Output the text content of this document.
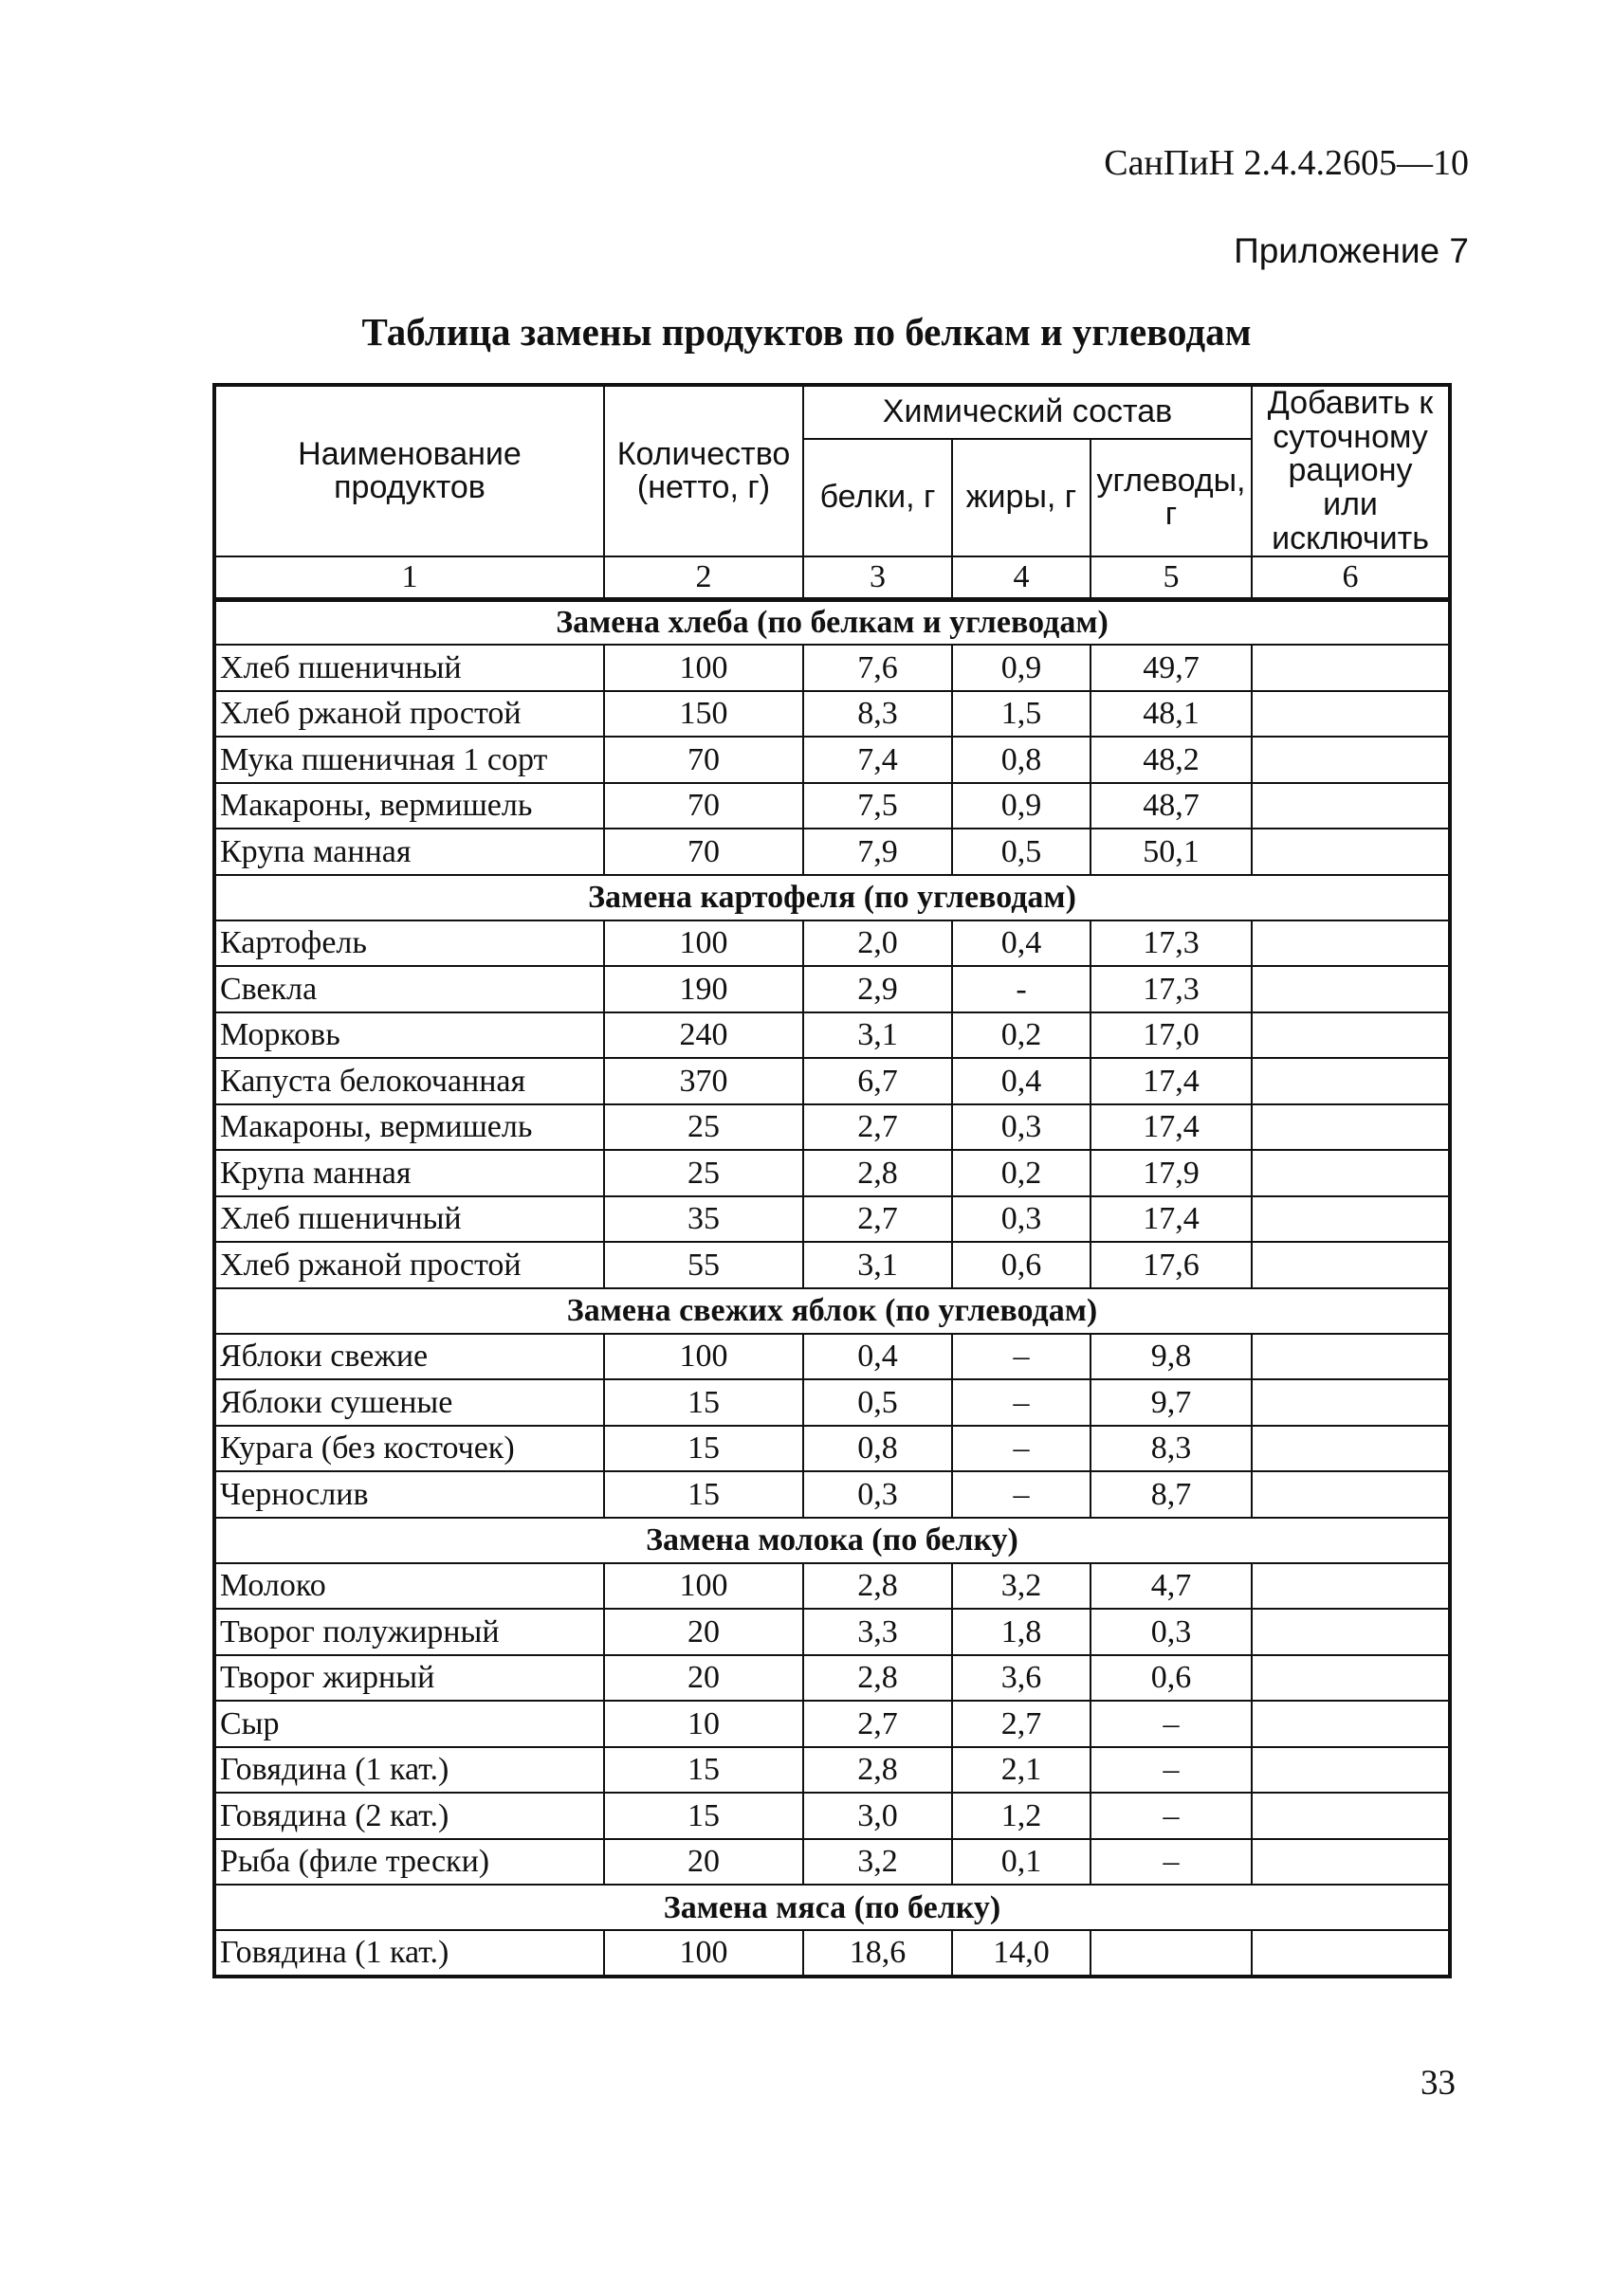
СанПиН 2.4.4.2605—10
Приложение 7
Таблица замены продуктов по белкам и углеводам
Наименование продуктов	Количество (нетто, г)	Химический состав			Добавить к суточному рациону или исключить
		белки, г	жиры, г	углеводы, г	
1	2	3	4	5	6
Замена хлеба (по белкам и углеводам)					
Хлеб пшеничный	100	7,6	0,9	49,7	
Хлеб ржаной простой	150	8,3	1,5	48,1	
Мука пшеничная 1 сорт	70	7,4	0,8	48,2	
Макароны, вермишель	70	7,5	0,9	48,7	
Крупа манная	70	7,9	0,5	50,1	
Замена картофеля (по углеводам)					
Картофель	100	2,0	0,4	17,3	
Свекла	190	2,9	-	17,3	
Морковь	240	3,1	0,2	17,0	
Капуста белокочанная	370	6,7	0,4	17,4	
Макароны, вермишель	25	2,7	0,3	17,4	
Крупа манная	25	2,8	0,2	17,9	
Хлеб пшеничный	35	2,7	0,3	17,4	
Хлеб ржаной простой	55	3,1	0,6	17,6	
Замена свежих яблок (по углеводам)					
Яблоки свежие	100	0,4	–	9,8	
Яблоки сушеные	15	0,5	–	9,7	
Курага (без косточек)	15	0,8	–	8,3	
Чернослив	15	0,3	–	8,7	
Замена молока (по белку)					
Молоко	100	2,8	3,2	4,7	
Творог полужирный	20	3,3	1,8	0,3	
Творог жирный	20	2,8	3,6	0,6	
Сыр	10	2,7	2,7	–	
Говядина (1 кат.)	15	2,8	2,1	–	
Говядина (2 кат.)	15	3,0	1,2	–	
Рыба (филе трески)	20	3,2	0,1	–	
Замена мяса (по белку)					
Говядина (1 кат.)	100	18,6	14,0		
33
